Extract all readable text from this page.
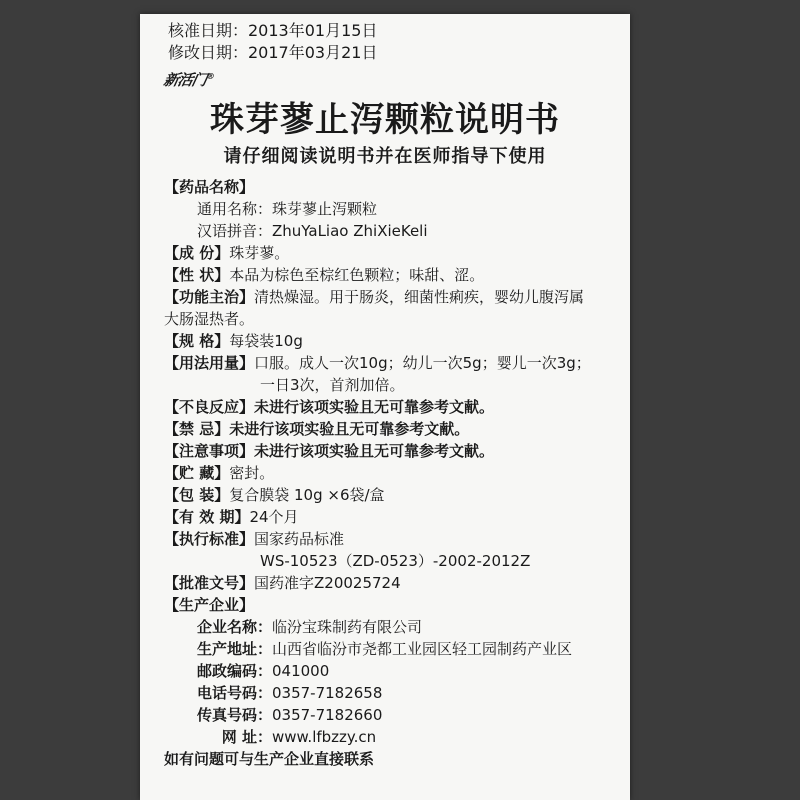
核准日期：2013年01月15日
修改日期：2017年03月21日
新活门®
珠芽蓼止泻颗粒说明书
请仔细阅读说明书并在医师指导下使用
【药品名称】
通用名称：珠芽蓼止泻颗粒
汉语拼音：ZhuYaLiao ZhiXieKeli
【成 份】珠芽蓼。
【性 状】本品为棕色至棕红色颗粒；味甜、涩。
【功能主治】清热燥湿。用于肠炎，细菌性痢疾，婴幼儿腹泻属
大肠湿热者。
【规 格】每袋装10g
【用法用量】口服。成人一次10g；幼儿一次5g；婴儿一次3g；
一日3次，首剂加倍。
【不良反应】未进行该项实验且无可靠参考文献。
【禁 忌】未进行该项实验且无可靠参考文献。
【注意事项】未进行该项实验且无可靠参考文献。
【贮 藏】密封。
【包 装】复合膜袋 10g ×6袋/盒
【有 效 期】24个月
【执行标准】国家药品标准
WS-10523（ZD-0523）-2002-2012Z
【批准文号】国药准字Z20025724
【生产企业】
企业名称：临汾宝珠制药有限公司
生产地址：山西省临汾市尧都工业园区轻工园制药产业区
邮政编码：041000
电话号码：0357-7182658
传真号码：0357-7182660
网 址：www.lfbzzy.cn
如有问题可与生产企业直接联系
